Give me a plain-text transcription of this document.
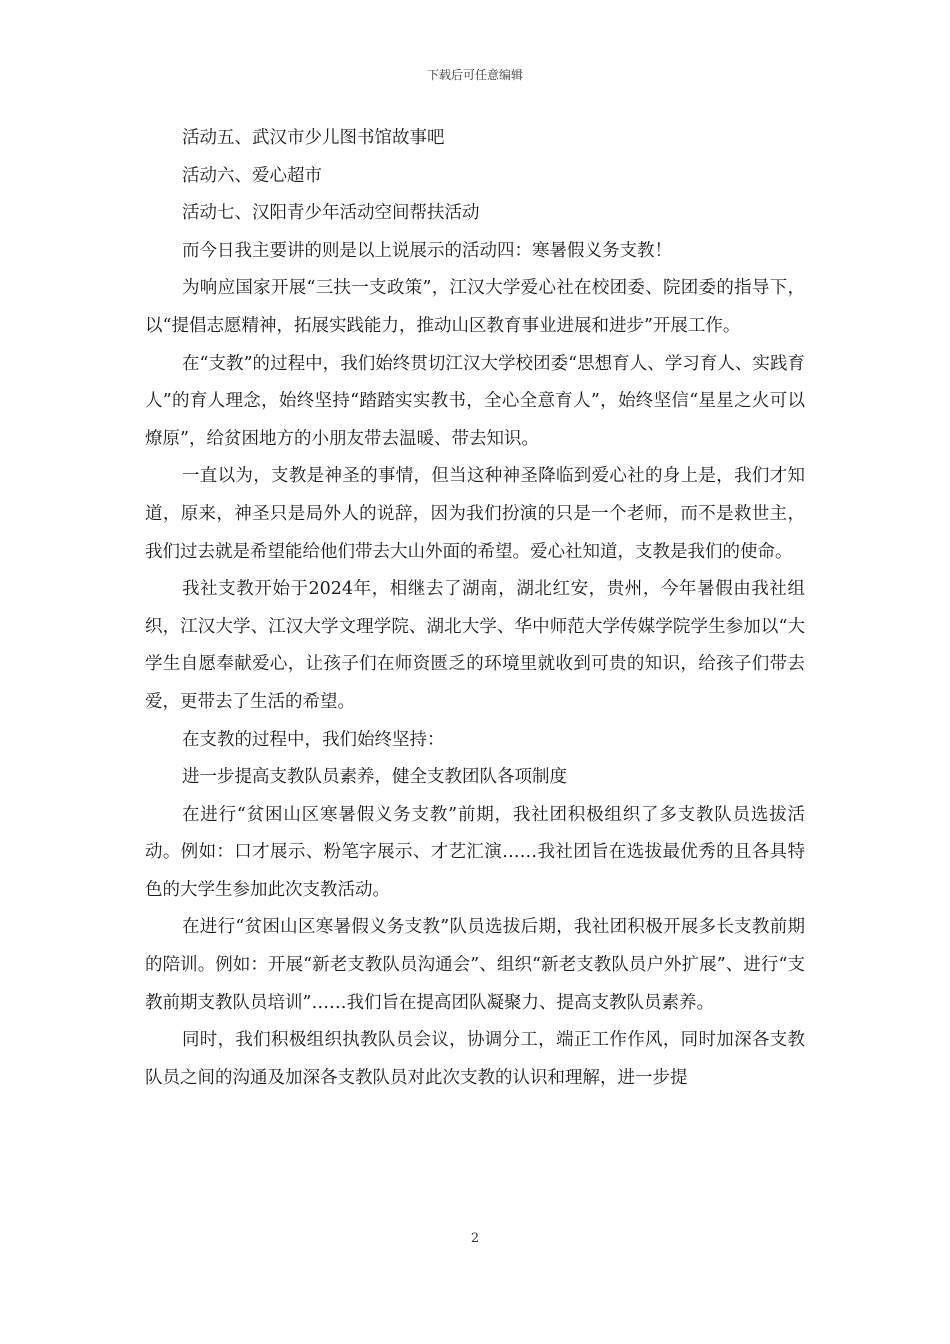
下载后可任意编辑

活动五、武汉市少儿图书馆故事吧

活动六、爱心超市

活动七、汉阳青少年活动空间帮扶活动

而今日我主要讲的则是以上说展示的活动四：寒暑假义务支教！

为响应国家开展“三扶一支政策”，江汉大学爱心社在校团委、院团委的指导下，以“提倡志愿精神，拓展实践能力，推动山区教育事业进展和进步”开展工作。

在“支教”的过程中，我们始终贯切江汉大学校团委“思想育人、学习育人、实践育人”的育人理念，始终坚持“踏踏实实教书，全心全意育人”，始终坚信“星星之火可以燎原”，给贫困地方的小朋友带去温暖、带去知识。

一直以为，支教是神圣的事情，但当这种神圣降临到爱心社的身上是，我们才知道，原来，神圣只是局外人的说辞，因为我们扮演的只是一个老师，而不是救世主，我们过去就是希望能给他们带去大山外面的希望。爱心社知道，支教是我们的使命。

我社支教开始于2024年，相继去了湖南，湖北红安，贵州，今年暑假由我社组织，江汉大学、江汉大学文理学院、湖北大学、华中师范大学传媒学院学生参加以“大学生自愿奉献爱心，让孩子们在师资匮乏的环境里就收到可贵的知识，给孩子们带去爱，更带去了生活的希望。

在支教的过程中，我们始终坚持：

进一步提高支教队员素养，健全支教团队各项制度

在进行“贫困山区寒暑假义务支教”前期，我社团积极组织了多支教队员选拔活动。例如：口才展示、粉笔字展示、才艺汇演……我社团旨在选拔最优秀的且各具特色的大学生参加此次支教活动。

在进行“贫困山区寒暑假义务支教”队员选拔后期，我社团积极开展多长支教前期的陪训。例如：开展“新老支教队员沟通会”、组织“新老支教队员户外扩展”、进行“支教前期支教队员培训”……我们旨在提高团队凝聚力、提高支教队员素养。

同时，我们积极组织执教队员会议，协调分工，端正工作作风，同时加深各支教队员之间的沟通及加深各支教队员对此次支教的认识和理解，进一步提

2
